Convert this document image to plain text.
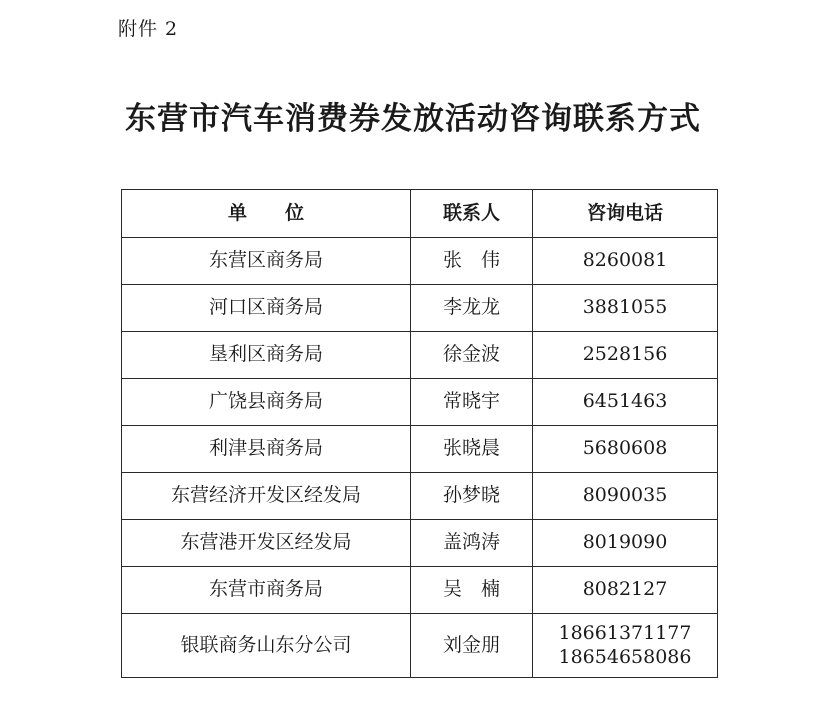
附件 2
东营市汽车消费券发放活动咨询联系方式
单　　位	联系人	咨询电话
东营区商务局	张　伟	8260081
河口区商务局	李龙龙	3881055
垦利区商务局	徐金波	2528156
广饶县商务局	常晓宇	6451463
利津县商务局	张晓晨	5680608
东营经济开发区经发局	孙梦晓	8090035
东营港开发区经发局	盖鸿涛	8019090
东营市商务局	吴　楠	8082127
银联商务山东分公司	刘金朋	18661371177
18654658086
